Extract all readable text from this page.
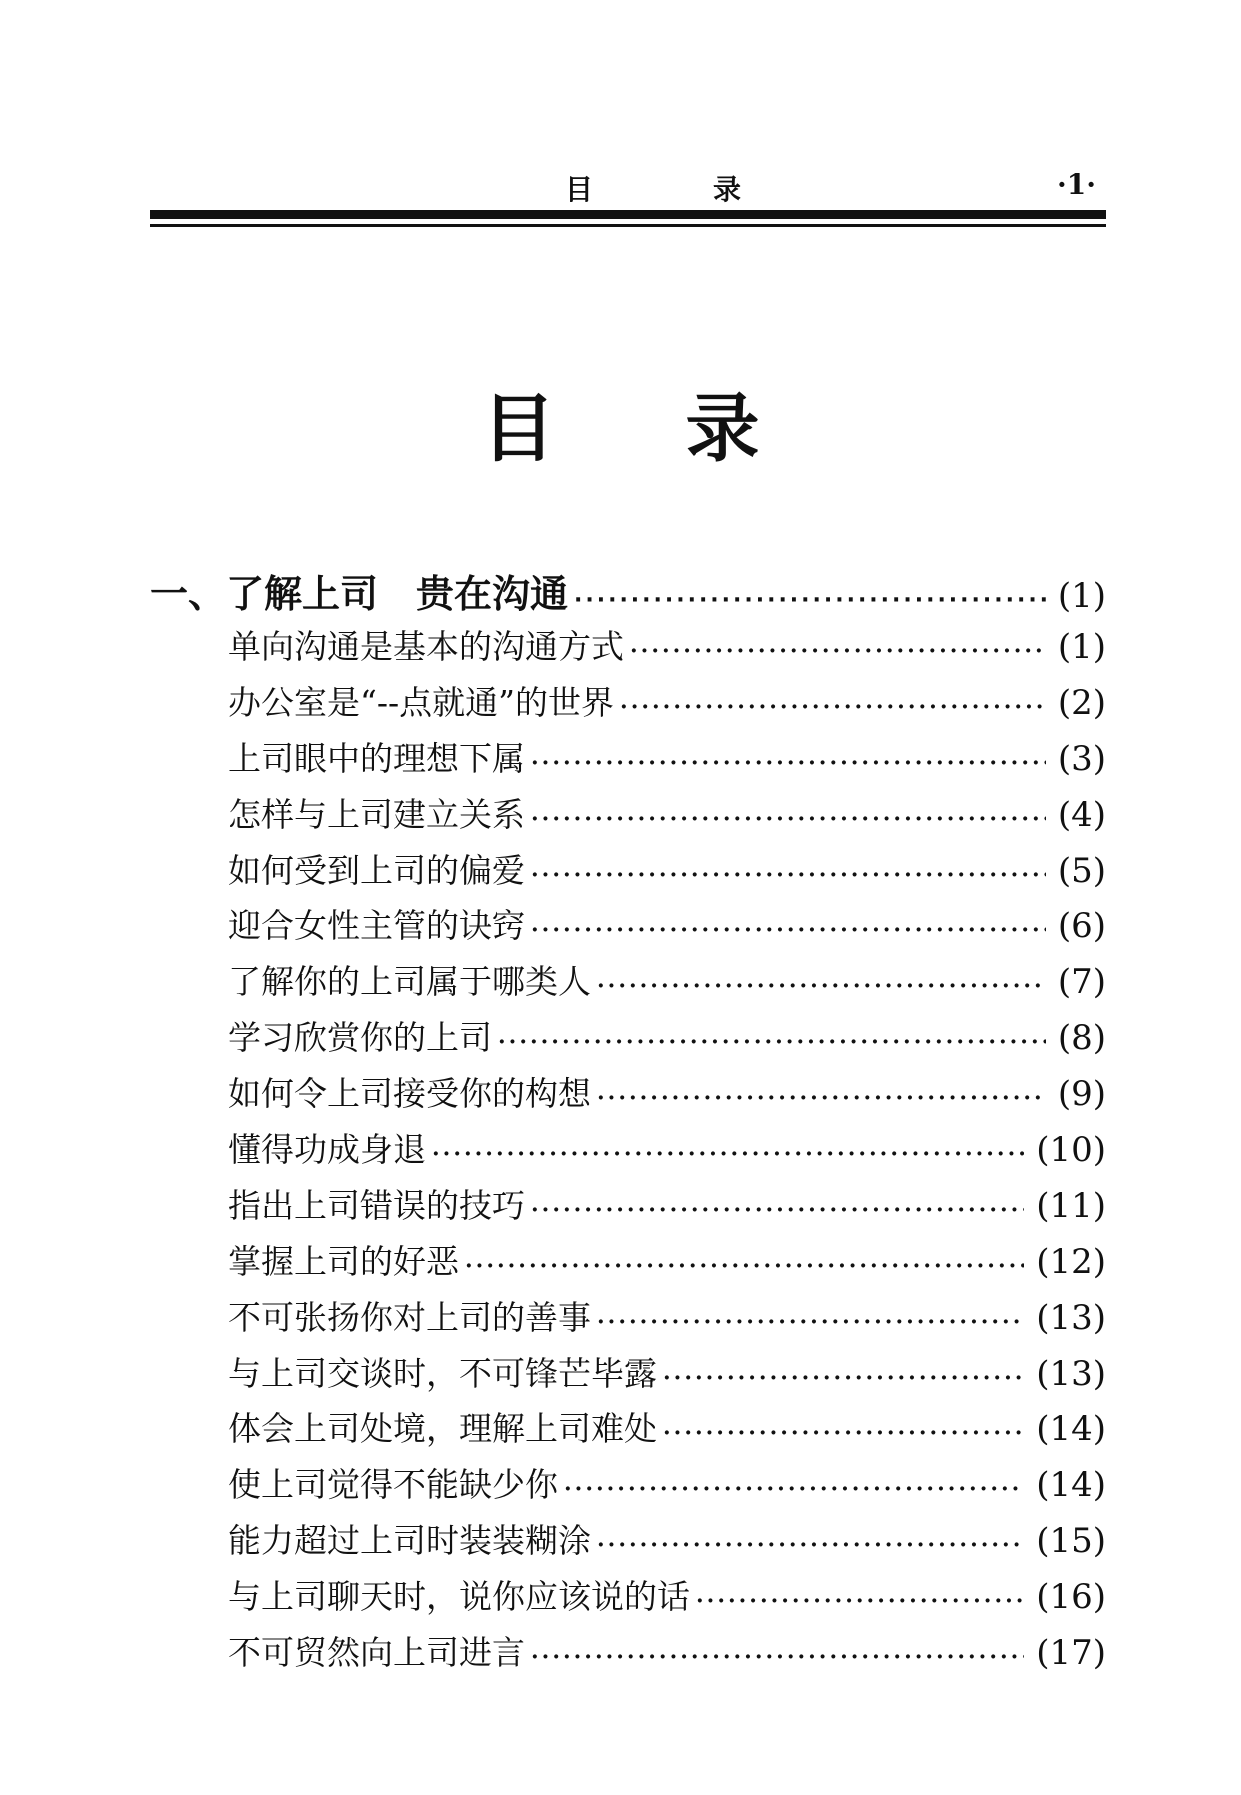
目　录	·1·
目录
一、了解上司　贵在沟通 ·····	(1)
单向沟通是基本的沟通方式 ·····	(1)
办公室是“--点就通”的世界 ·····	(2)
上司眼中的理想下属 ·····	(3)
怎样与上司建立关系 ·····	(4)
如何受到上司的偏爱 ·····	(5)
迎合女性主管的诀窍 ·····	(6)
了解你的上司属于哪类人 ·····	(7)
学习欣赏你的上司 ·····	(8)
如何令上司接受你的构想 ·····	(9)
懂得功成身退 ·····	(10)
指出上司错误的技巧 ·····	(11)
掌握上司的好恶 ·····	(12)
不可张扬你对上司的善事 ·····	(13)
与上司交谈时，不可锋芒毕露 ·····	(13)
体会上司处境，理解上司难处 ·····	(14)
使上司觉得不能缺少你 ·····	(14)
能力超过上司时装装糊涂 ·····	(15)
与上司聊天时，说你应该说的话 ·····	(16)
不可贸然向上司进言 ·····	(17)
